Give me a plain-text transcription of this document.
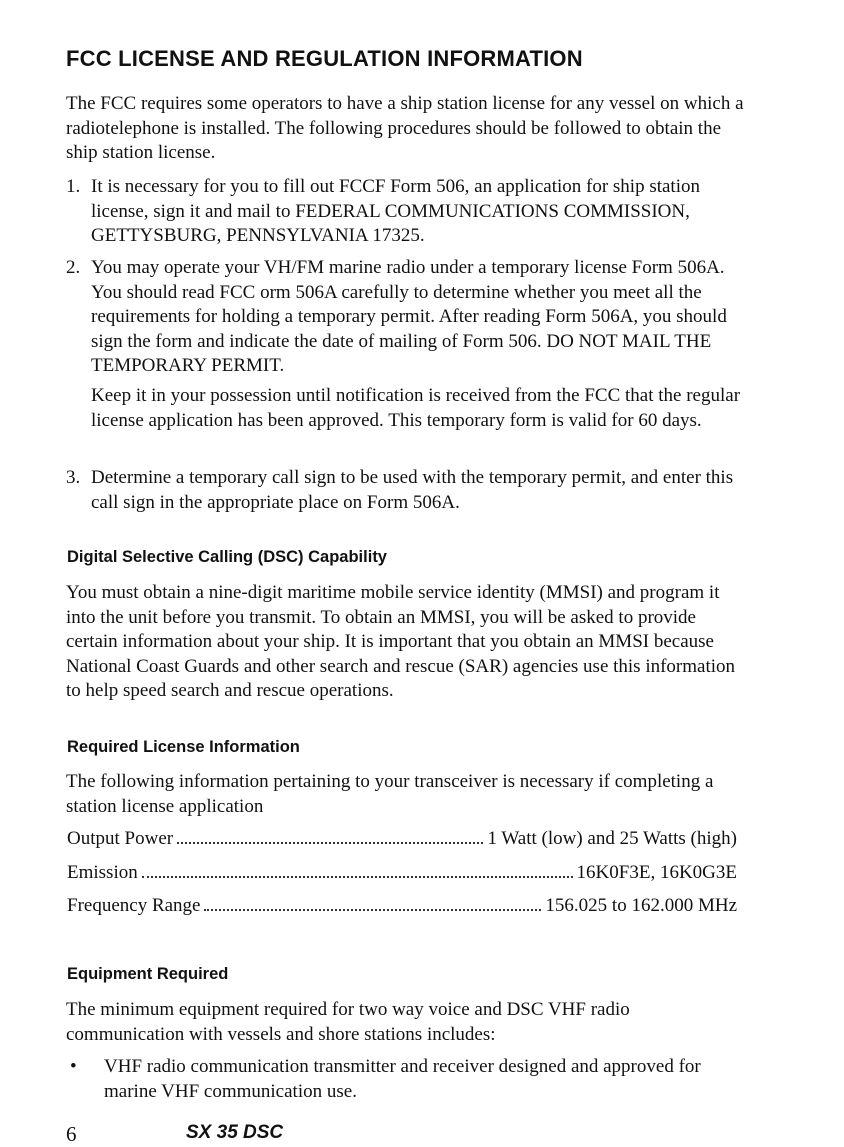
FCC LICENSE AND REGULATION INFORMATION
The FCC requires some operators to have a ship station license for any vessel on which a radiotelephone is installed. The following procedures should be followed to obtain the ship station license.
1. It is necessary for you to fill out FCCF Form 506, an application for ship station license, sign it and mail to FEDERAL COMMUNICATIONS COMMISSION, GETTYSBURG, PENNSYLVANIA 17325.
2. You may operate your VH/FM marine radio under a temporary license Form 506A. You should read FCC orm 506A carefully to determine whether you meet all the requirements for holding a temporary permit. After reading Form 506A, you should sign the form and indicate the date of mailing of Form 506. DO NOT MAIL THE TEMPORARY PERMIT.
Keep it in your possession until notification is received from the FCC that the regular license application has been approved. This temporary form is valid for 60 days.
3. Determine a temporary call sign to be used with the temporary permit, and enter this call sign in the appropriate place on Form 506A.
Digital Selective Calling (DSC) Capability
You must obtain a nine-digit maritime mobile service identity (MMSI) and program it into the unit before you transmit. To obtain an MMSI, you will be asked to provide certain information about your ship. It is important that you obtain an MMSI because National Coast Guards and other search and rescue (SAR) agencies use this information to help speed search and rescue operations.
Required License Information
The following information pertaining to your transceiver is necessary if completing a station license application
Output Power	1 Watt (low) and 25 Watts (high)
Emission	16K0F3E, 16K0G3E
Frequency Range	156.025 to 162.000 MHz
Equipment Required
The minimum equipment required for two way voice and DSC VHF radio communication with vessels and shore stations includes:
• VHF radio communication transmitter and receiver designed and approved for marine VHF communication use.
6	SX 35 DSC
